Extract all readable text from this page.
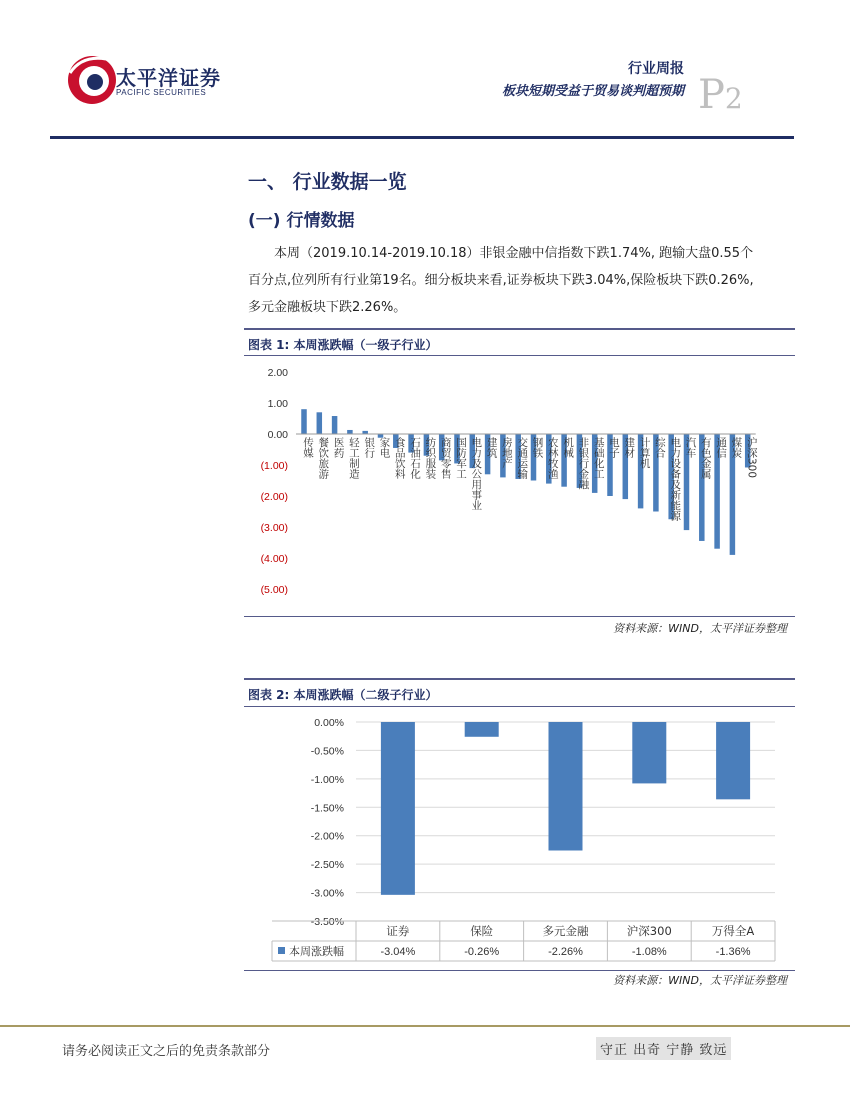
太平洋证券
PACIFIC SECURITIES
行业周报
板块短期受益于贸易谈判超预期 P2
一、 行业数据一览
(一) 行情数据
本周（2019.10.14-2019.10.18）非银金融中信指数下跌1.74%, 跑输大盘0.55个
百分点,位列所有行业第19名。细分板块来看,证券板块下跌3.04%,保险板块下跌0.26%,
多元金融板块下跌2.26%。
图表 1: 本周涨跌幅（一级子行业）
2.00
1.00
0.00
(1.00)
(2.00)
(3.00)
(4.00)
(5.00)
传媒 餐饮旅游 医药 轻工制造 银行 家电 食品饮料 石油石化 纺织服装 商贸零售 国防军工 电力及公用事业 建筑 房地产 交通运输 钢铁 农林牧渔 机械 非银行金融 基础化工 电子 建材 计算机 综合 电力设备及新能源 汽车 有色金属 通信 煤炭 沪深300
资料来源：WIND，太平洋证券整理
图表 2: 本周涨跌幅（二级子行业）
0.00%
-0.50%
-1.00%
-1.50%
-2.00%
-2.50%
-3.00%
-3.50%
证券
-3.04%
保险
-0.26%
多元金融
-2.26%
沪深300
-1.08%
万得全A
-1.36%
本周涨跌幅
资料来源：WIND，太平洋证券整理
请务必阅读正文之后的免责条款部分	守正 出奇 宁静 致远
